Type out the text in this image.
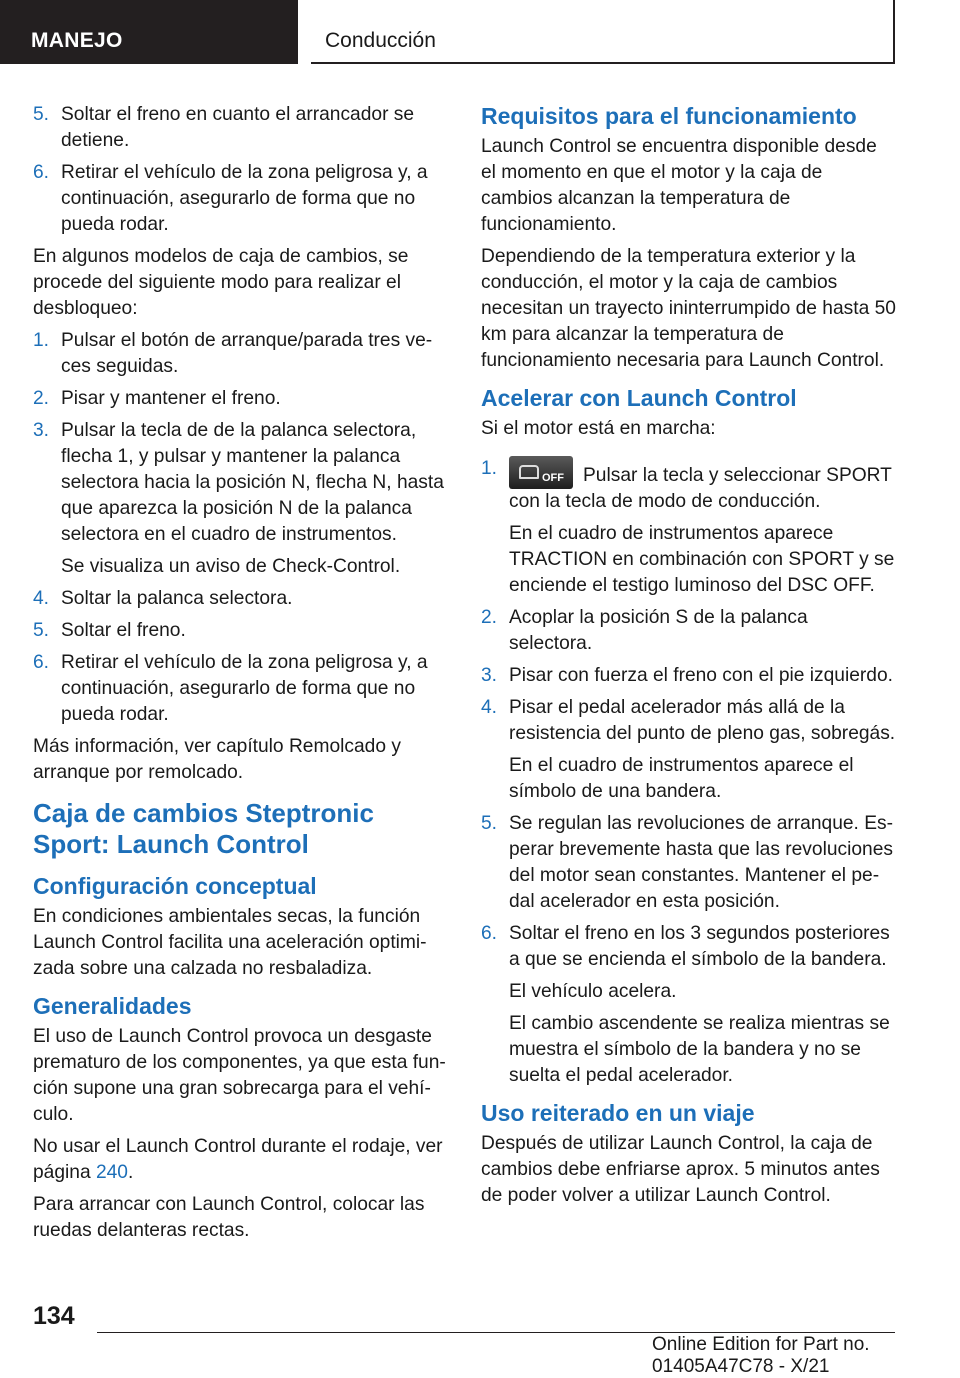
MANEJO	Conducción
5. Soltar el freno en cuanto el arrancador se detiene.
6. Retirar el vehículo de la zona peligrosa y, a continuación, asegurarlo de forma que no pueda rodar.

En algunos modelos de caja de cambios, se procede del siguiente modo para realizar el desbloqueo:

1. Pulsar el botón de arranque/parada tres veces seguidas.
2. Pisar y mantener el freno.
3. Pulsar la tecla de de la palanca selectora, flecha 1, y pulsar y mantener la palanca selectora hacia la posición N, flecha N, hasta que aparezca la posición N de la palanca selectora en el cuadro de instrumentos.
Se visualiza un aviso de Check-Control.
4. Soltar la palanca selectora.
5. Soltar el freno.
6. Retirar el vehículo de la zona peligrosa y, a continuación, asegurarlo de forma que no pueda rodar.

Más información, ver capítulo Remolcado y arranque por remolcado.

Caja de cambios Steptronic
Sport: Launch Control
Configuración conceptual

En condiciones ambientales secas, la función Launch Control facilita una aceleración optimizada sobre una calzada no resbaladiza.

Generalidades

El uso de Launch Control provoca un desgaste prematuro de los componentes, ya que esta función supone una gran sobrecarga para el vehículo.

No usar el Launch Control durante el rodaje, ver página 240.

Para arrancar con Launch Control, colocar las ruedas delanteras rectas.

Requisitos para el funcionamiento

Launch Control se encuentra disponible desde el momento en que el motor y la caja de cambios alcanzan la temperatura de funcionamiento.

Dependiendo de la temperatura exterior y la conducción, el motor y la caja de cambios necesitan un trayecto ininterrumpido de hasta 50 km para alcanzar la temperatura de funcionamiento necesaria para Launch Control.

Acelerar con Launch Control

Si el motor está en marcha:

1.	OFF Pulsar la tecla y seleccionar SPORT con la tecla de modo de conducción.
En el cuadro de instrumentos aparece TRACTION en combinación con SPORT y se enciende el testigo luminoso del DSC OFF.
2. Acoplar la posición S de la palanca selectora.
3. Pisar con fuerza el freno con el pie izquierdo.
4. Pisar el pedal acelerador más allá de la resistencia del punto de pleno gas, sobregás.
En el cuadro de instrumentos aparece el símbolo de una bandera.
5. Se regulan las revoluciones de arranque. Esperar brevemente hasta que las revoluciones del motor sean constantes. Mantener el pedal acelerador en esta posición.
6. Soltar el freno en los 3 segundos posteriores a que se encienda el símbolo de la bandera.
El vehículo acelera.
El cambio ascendente se realiza mientras se muestra el símbolo de la bandera y no se suelta el pedal acelerador.
Uso reiterado en un viaje

Después de utilizar Launch Control, la caja de cambios debe enfriarse aprox. 5 minutos antes de poder volver a utilizar Launch Control.

134
Online Edition for Part no. 01405A47C78 - X/21
